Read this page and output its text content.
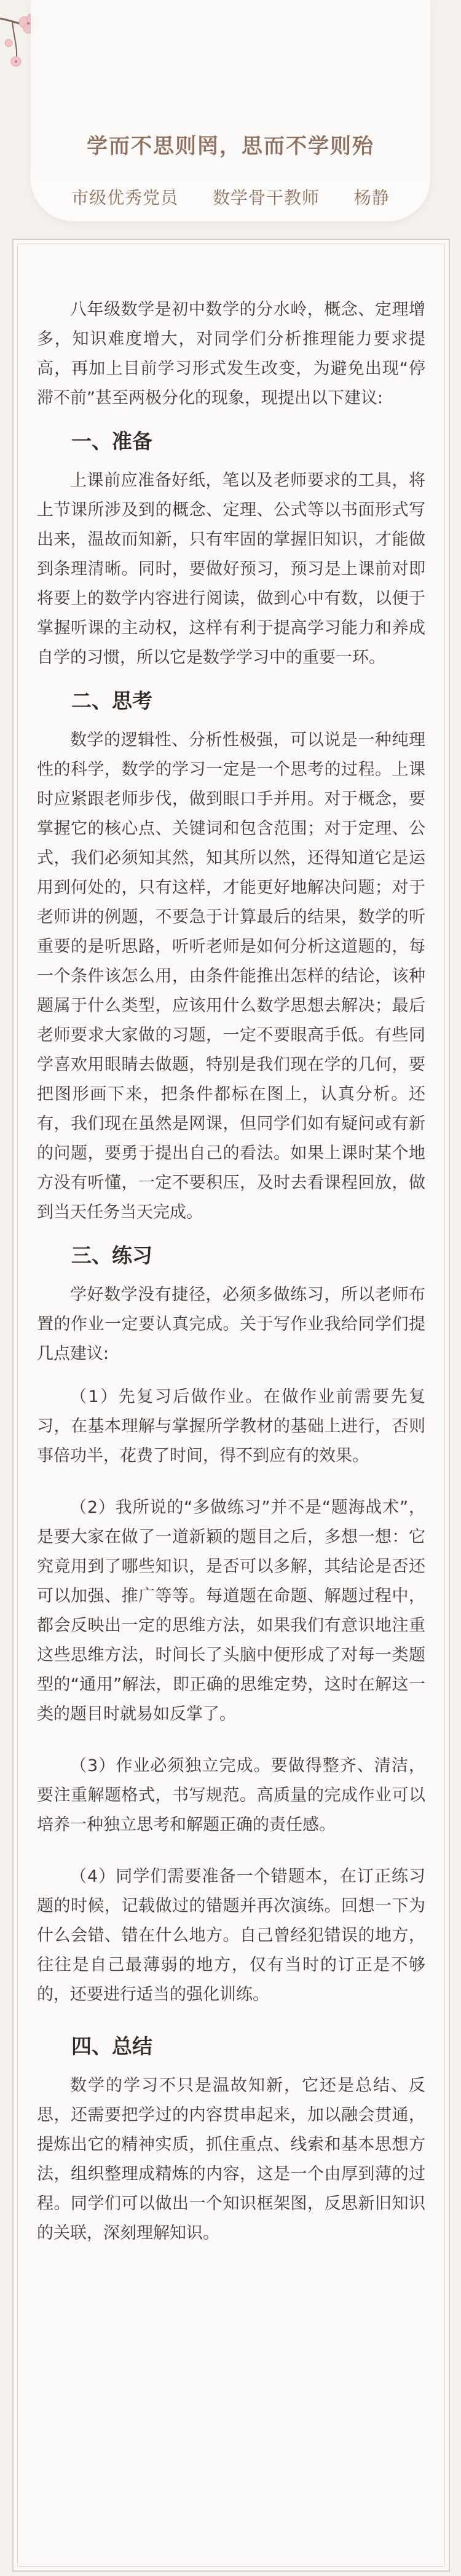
学而不思则罔，思而不学则殆
市级优秀党员 数学骨干教师 杨静

八年级数学是初中数学的分水岭，概念、定理增多，知识难度增大，对同学们分析推理能力要求提高，再加上目前学习形式发生改变，为避免出现“停滞不前”甚至两极分化的现象，现提出以下建议:

一、准备

上课前应准备好纸，笔以及老师要求的工具，将上节课所涉及到的概念、定理、公式等以书面形式写出来，温故而知新，只有牢固的掌握旧知识，才能做到条理清晰。同时，要做好预习，预习是上课前对即将要上的数学内容进行阅读，做到心中有数，以便于掌握听课的主动权，这样有利于提高学习能力和养成自学的习惯，所以它是数学学习中的重要一环。

二、思考

数学的逻辑性、分析性极强，可以说是一种纯理性的科学，数学的学习一定是一个思考的过程。上课时应紧跟老师步伐，做到眼口手并用。对于概念，要掌握它的核心点、关键词和包含范围；对于定理、公式，我们必须知其然，知其所以然，还得知道它是运用到何处的，只有这样，才能更好地解决问题；对于老师讲的例题，不要急于计算最后的结果，数学的听重要的是听思路，听听老师是如何分析这道题的，每一个条件该怎么用，由条件能推出怎样的结论，该种题属于什么类型，应该用什么数学思想去解决；最后老师要求大家做的习题，一定不要眼高手低。有些同学喜欢用眼睛去做题，特别是我们现在学的几何，要把图形画下来，把条件都标在图上，认真分析。还有，我们现在虽然是网课，但同学们如有疑问或有新的问题，要勇于提出自己的看法。如果上课时某个地方没有听懂，一定不要积压，及时去看课程回放，做到当天任务当天完成。

三、练习

学好数学没有捷径，必须多做练习，所以老师布置的作业一定要认真完成。关于写作业我给同学们提几点建议:

（1）先复习后做作业。在做作业前需要先复习，在基本理解与掌握所学教材的基础上进行，否则事倍功半，花费了时间，得不到应有的效果。

（2）我所说的“多做练习”并不是“题海战术”，是要大家在做了一道新颖的题目之后，多想一想：它究竟用到了哪些知识，是否可以多解，其结论是否还可以加强、推广等等。每道题在命题、解题过程中，都会反映出一定的思维方法，如果我们有意识地注重这些思维方法，时间长了头脑中便形成了对每一类题型的“通用”解法，即正确的思维定势，这时在解这一类的题目时就易如反掌了。

（3）作业必须独立完成。要做得整齐、清洁，要注重解题格式，书写规范。高质量的完成作业可以培养一种独立思考和解题正确的责任感。

（4）同学们需要准备一个错题本，在订正练习题的时候，记载做过的错题并再次演练。回想一下为什么会错、错在什么地方。自己曾经犯错误的地方，往往是自己最薄弱的地方，仅有当时的订正是不够的，还要进行适当的强化训练。

四、总结

数学的学习不只是温故知新，它还是总结、反思，还需要把学过的内容贯串起来，加以融会贯通，提炼出它的精神实质，抓住重点、线索和基本思想方法，组织整理成精炼的内容，这是一个由厚到薄的过程。同学们可以做出一个知识框架图，反思新旧知识的关联，深刻理解知识。
